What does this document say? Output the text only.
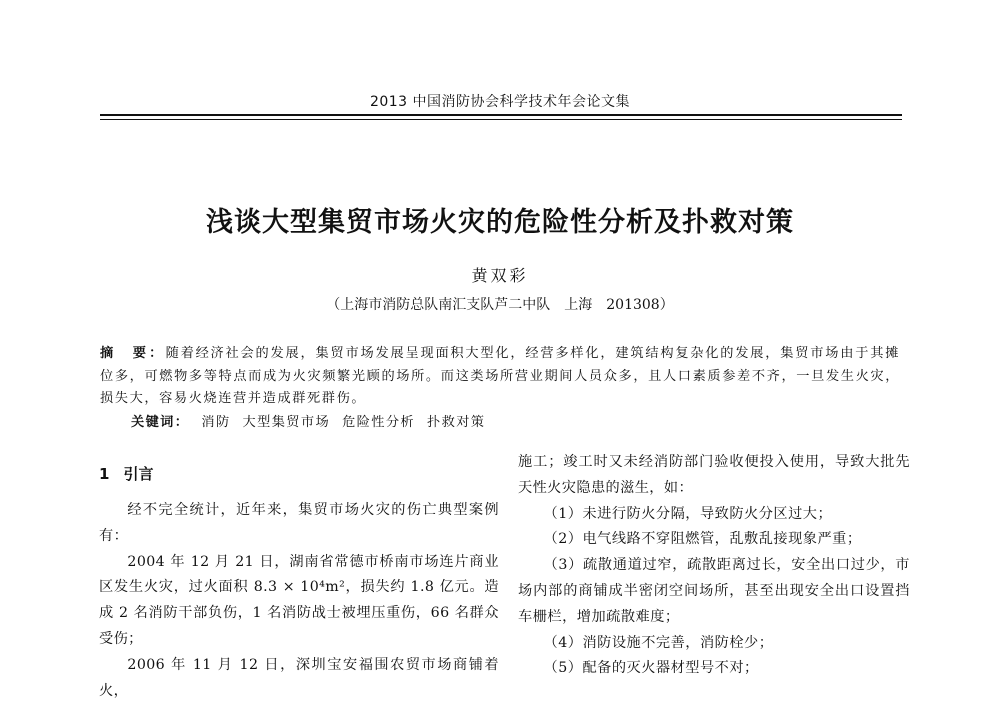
2013 中国消防协会科学技术年会论文集
浅谈大型集贸市场火灾的危险性分析及扑救对策
黄双彩
（上海市消防总队南汇支队芦二中队　上海　201308）
摘　要：随着经济社会的发展，集贸市场发展呈现面积大型化，经营多样化，建筑结构复杂化的发展，集贸市场由于其摊位多，可燃物多等特点而成为火灾频繁光顾的场所。而这类场所营业期间人员众多，且人口素质参差不齐，一旦发生火灾，损失大，容易火烧连营并造成群死群伤。
关键词： 消防 大型集贸市场 危险性分析 扑救对策
1 引言

经不完全统计，近年来，集贸市场火灾的伤亡典型案例有：

2004 年 12 月 21 日，湖南省常德市桥南市场连片商业区发生火灾，过火面积 8.3 × 10⁴m²，损失约 1.8 亿元。造成 2 名消防干部负伤，1 名消防战士被埋压重伤，66 名群众受伤；

2006 年 11 月 12 日，深圳宝安福围农贸市场商铺着火，

施工；竣工时又未经消防部门验收便投入使用，导致大批先天性火灾隐患的滋生，如：

（1）未进行防火分隔，导致防火分区过大；

（2）电气线路不穿阻燃管，乱敷乱接现象严重；

（3）疏散通道过窄，疏散距离过长，安全出口过少，市场内部的商铺成半密闭空间场所，甚至出现安全出口设置挡车栅栏，增加疏散难度；

（4）消防设施不完善，消防栓少；

（5）配备的灭火器材型号不对；
